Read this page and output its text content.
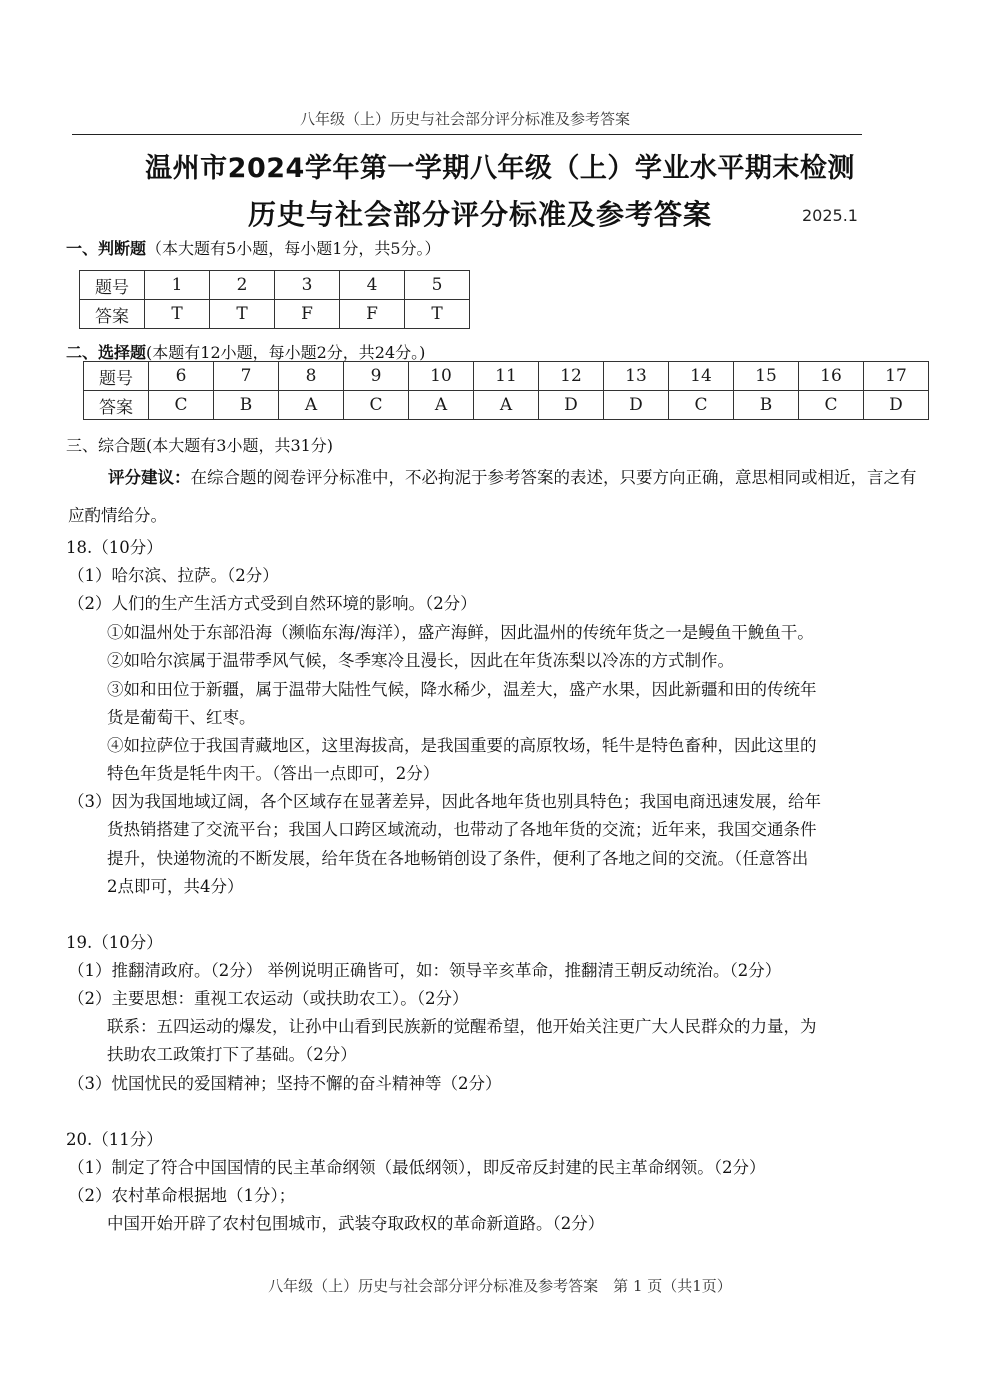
八年级（上）历史与社会部分评分标准及参考答案
温州市2024学年第一学期八年级（上）学业水平期末检测
历史与社会部分评分标准及参考答案	2025.1
一、判断题（本大题有5小题，每小题1分，共5分。）
题号	1	2	3	4	5
答案	T	T	F	F	T
二、选择题(本题有12小题，每小题2分，共24分。)
题号	6	7	8	9	10	11	12	13	14	15	16	17
答案	C	B	A	C	A	A	D	D	C	B	C	D
三、综合题(本大题有3小题，共31分)
评分建议：在综合题的阅卷评分标准中，不必拘泥于参考答案的表述，只要方向正确，意思相同或相近，言之有应酌情给分。
18.（10分）
（1）哈尔滨、拉萨。（2分）
（2）人们的生产生活方式受到自然环境的影响。（2分）
①如温州处于东部沿海（濒临东海/海洋），盛产海鲜，因此温州的传统年货之一是鳗鱼干鮸鱼干。
②如哈尔滨属于温带季风气候，冬季寒冷且漫长，因此在年货冻梨以冷冻的方式制作。
③如和田位于新疆，属于温带大陆性气候，降水稀少，温差大，盛产水果，因此新疆和田的传统年
货是葡萄干、红枣。
④如拉萨位于我国青藏地区，这里海拔高，是我国重要的高原牧场，牦牛是特色畜种，因此这里的
特色年货是牦牛肉干。（答出一点即可，2分）
（3）因为我国地域辽阔，各个区域存在显著差异，因此各地年货也别具特色；我国电商迅速发展，给年
货热销搭建了交流平台；我国人口跨区域流动，也带动了各地年货的交流；近年来，我国交通条件
提升，快递物流的不断发展，给年货在各地畅销创设了条件，便利了各地之间的交流。（任意答出
2点即可，共4分）
19.（10分）
（1）推翻清政府。（2分） 举例说明正确皆可，如：领导辛亥革命，推翻清王朝反动统治。（2分）
（2）主要思想：重视工农运动（或扶助农工）。（2分）
联系：五四运动的爆发，让孙中山看到民族新的觉醒希望，他开始关注更广大人民群众的力量，为
扶助农工政策打下了基础。（2分）
（3）忧国忧民的爱国精神；坚持不懈的奋斗精神等（2分）
20.（11分）
（1）制定了符合中国国情的民主革命纲领（最低纲领），即反帝反封建的民主革命纲领。（2分）
（2）农村革命根据地（1分）；
中国开始开辟了农村包围城市，武装夺取政权的革命新道路。（2分）
八年级（上）历史与社会部分评分标准及参考答案　第 1 页（共1页）
